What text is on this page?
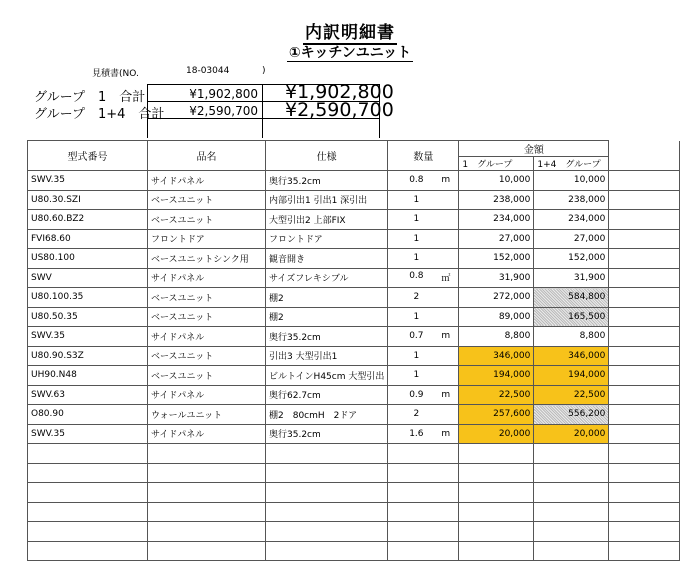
内訳明細書
①キッチンユニット
見積書(NO.	18-03044	)
グループ　1　合計	¥1,902,800 ¥1,902,800
グループ　1+4　合計	¥2,590,700 ¥2,590,700
型式番号	品名	仕様	数量	金額		
				1　グループ	1+4　グループ	
SWV.35	サイドパネル	奥行35.2cm	0.8 m	10,000	10,000	
U80.30.SZI	ベースユニット	内部引出1 引出1 深引出	1	238,000	238,000	
U80.60.BZ2	ベースユニット	大型引出2 上部FIX	1	234,000	234,000	
FVI68.60	フロントドア	フロントドア	1	27,000	27,000	
US80.100	ベースユニットシンク用	観音開き	1	152,000	152,000	
SWV	サイドパネル	サイズフレキシブル	0.8 ㎡	31,900	31,900	
U80.100.35	ベースユニット	棚2	2	272,000	584,800	
U80.50.35	ベースユニット	棚2	1	89,000	165,500	
SWV.35	サイドパネル	奥行35.2cm	0.7 m	8,800	8,800	
U80.90.S3Z	ベースユニット	引出3 大型引出1	1	346,000	346,000	
UH90.N48	ベースユニット	ビルトインH45cm 大型引出	1	194,000	194,000	
SWV.63	サイドパネル	奥行62.7cm	0.9 m	22,500	22,500	
O80.90	ウォールユニット	棚2　80cmH　2ドア	2	257,600	556,200	
SWV.35	サイドパネル	奥行35.2cm	1.6 m	20,000	20,000	
